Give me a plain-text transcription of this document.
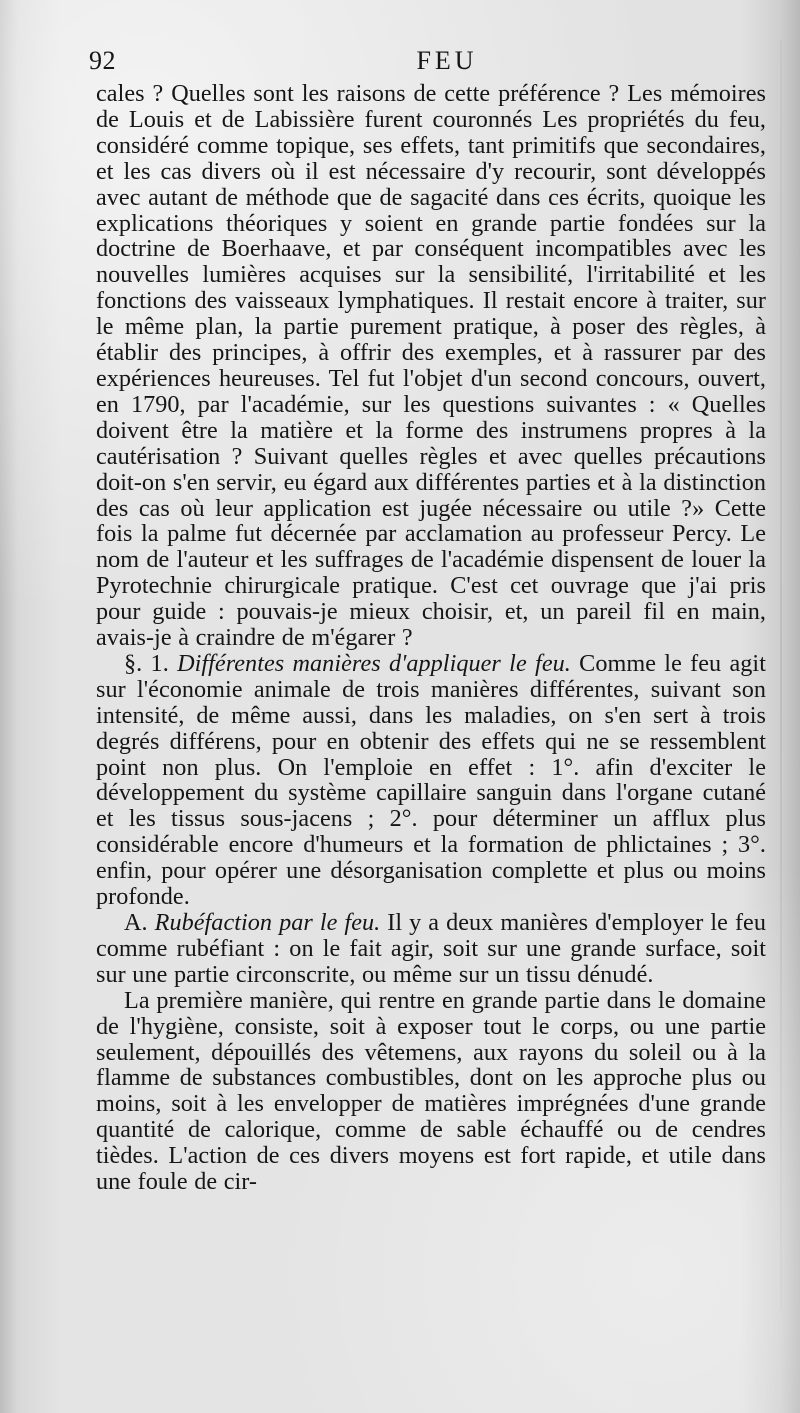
92	FEU

cales ? Quelles sont les raisons de cette préférence ? Les mémoires de Louis et de Labissière furent couronnés Les propriétés du feu, considéré comme topique, ses effets, tant primitifs que secondaires, et les cas divers où il est nécessaire d'y recourir, sont développés avec autant de méthode que de sagacité dans ces écrits, quoique les explications théoriques y soient en grande partie fondées sur la doctrine de Boerhaave, et par conséquent incompatibles avec les nouvelles lumières acquises sur la sensibilité, l'irritabilité et les fonctions des vaisseaux lymphatiques. Il restait encore à traiter, sur le même plan, la partie purement pratique, à poser des règles, à établir des principes, à offrir des exemples, et à rassurer par des expériences heureuses. Tel fut l'objet d'un second concours, ouvert, en 1790, par l'académie, sur les questions suivantes : « Quelles doivent être la matière et la forme des instrumens propres à la cautérisation ? Suivant quelles règles et avec quelles précautions doit-on s'en servir, eu égard aux différentes parties et à la distinction des cas où leur application est jugée nécessaire ou utile ?» Cette fois la palme fut décernée par acclamation au professeur Percy. Le nom de l'auteur et les suffrages de l'académie dispensent de louer la Pyrotechnie chirurgicale pratique. C'est cet ouvrage que j'ai pris pour guide : pouvais-je mieux choisir, et, un pareil fil en main, avais-je à craindre de m'égarer ?

§. 1. Différentes manières d'appliquer le feu. Comme le feu agit sur l'économie animale de trois manières différentes, suivant son intensité, de même aussi, dans les maladies, on s'en sert à trois degrés différens, pour en obtenir des effets qui ne se ressemblent point non plus. On l'emploie en effet : 1°. afin d'exciter le développement du système capillaire sanguin dans l'organe cutané et les tissus sous-jacens ; 2°. pour déterminer un afflux plus considérable encore d'humeurs et la formation de phlictaines ; 3°. enfin, pour opérer une désorganisation complette et plus ou moins profonde.

A. Rubéfaction par le feu. Il y a deux manières d'employer le feu comme rubéfiant : on le fait agir, soit sur une grande surface, soit sur une partie circonscrite, ou même sur un tissu dénudé.

La première manière, qui rentre en grande partie dans le domaine de l'hygiène, consiste, soit à exposer tout le corps, ou une partie seulement, dépouillés des vêtemens, aux rayons du soleil ou à la flamme de substances combustibles, dont on les approche plus ou moins, soit à les envelopper de matières imprégnées d'une grande quantité de calorique, comme de sable échauffé ou de cendres tièdes. L'action de ces divers moyens est fort rapide, et utile dans une foule de cir-
